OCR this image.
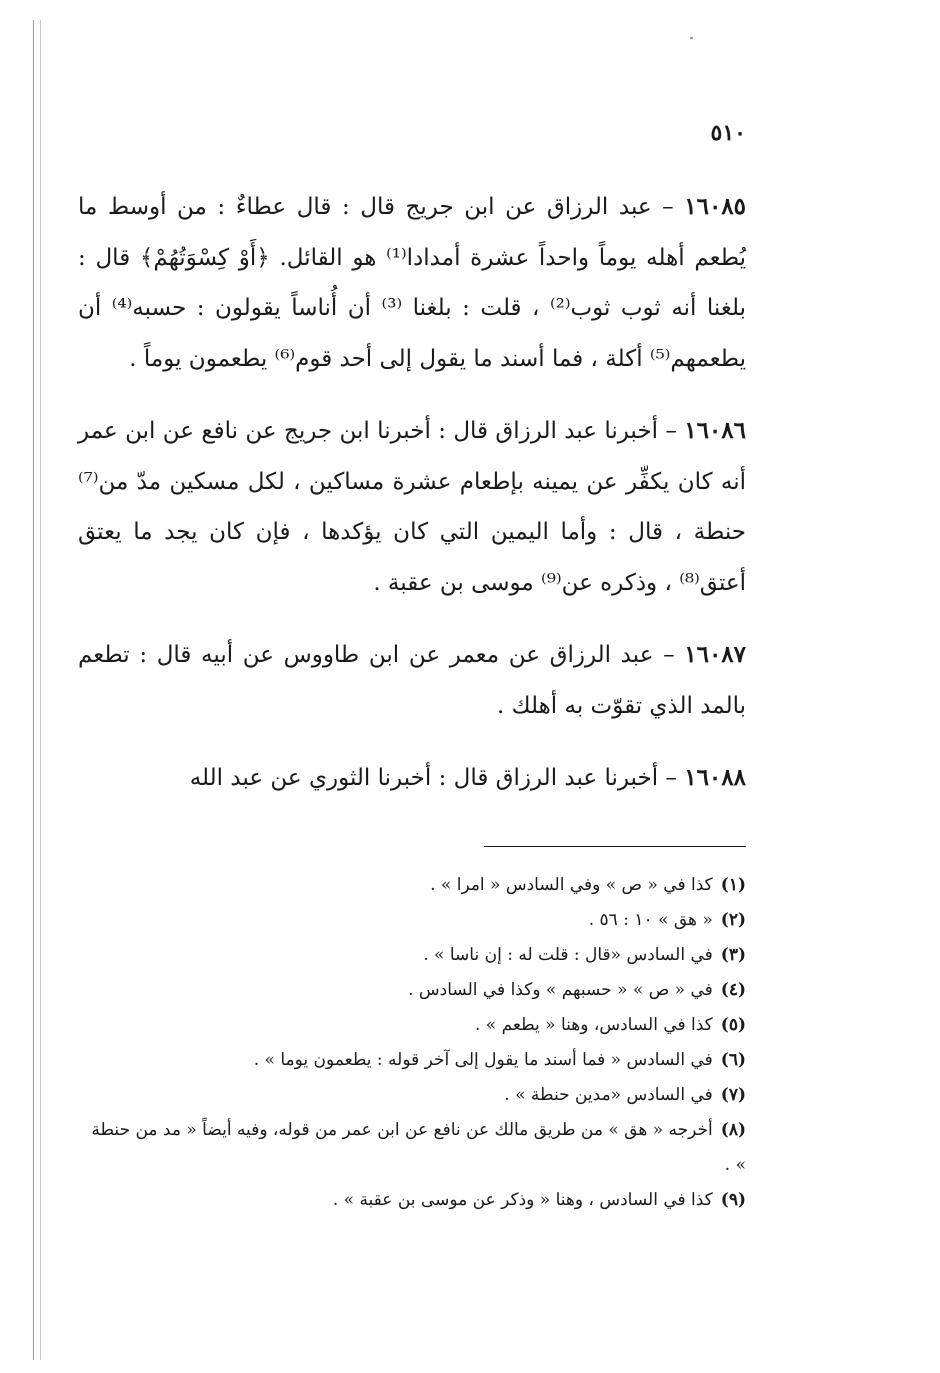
٥١٠

١٦٠٨٥ – عبد الرزاق عن ابن جريج قال : قال عطاءٌ : من أوسط ما يُطعم أهله يوماً واحداً عشرة أمدادا⁽¹⁾ هو القائل. ﴿أَوْ كِسْوَتُهُمْ﴾ قال : بلغنا أنه ثوب ثوب⁽²⁾ ، قلت : بلغنا ⁽³⁾ أن أُناساً يقولون : حسبه⁽⁴⁾ أن يطعمهم⁽⁵⁾ أكلة ، فما أسند ما يقول إلى أحد قوم⁽⁶⁾ يطعمون يوماً .

١٦٠٨٦ – أخبرنا عبد الرزاق قال : أخبرنا ابن جريج عن نافع عن ابن عمر أنه كان يكفِّر عن يمينه بإطعام عشرة مساكين ، لكل مسكين مدّ من⁽⁷⁾ حنطة ، قال : وأما اليمين التي كان يؤكدها ، فإن كان يجد ما يعتق أعتق⁽⁸⁾ ، وذكره عن⁽⁹⁾ موسى بن عقبة .

١٦٠٨٧ – عبد الرزاق عن معمر عن ابن طاووس عن أبيه قال : تطعم بالمد الذي تقوّت به أهلك .

١٦٠٨٨ – أخبرنا عبد الرزاق قال : أخبرنا الثوري عن عبد الله

(١)كذا في « ص » وفي السادس « امرا » .

(٢)« هق » ١٠ : ٥٦ .

(٣)في السادس «قال : قلت له : إن ناسا » .

(٤)في « ص » « حسبهم » وكذا في السادس .

(٥)كذا في السادس، وهنا « يطعم » .

(٦)في السادس « فما أسند ما يقول إلى آخر قوله : يطعمون يوما » .

(٧)في السادس «مدين حنطة » .

(٨)أخرجه « هق » من طريق مالك عن نافع عن ابن عمر من قوله، وفيه أيضاً « مد من حنطة » .

(٩)كذا في السادس ، وهنا « وذكر عن موسى بن عقبة » .
